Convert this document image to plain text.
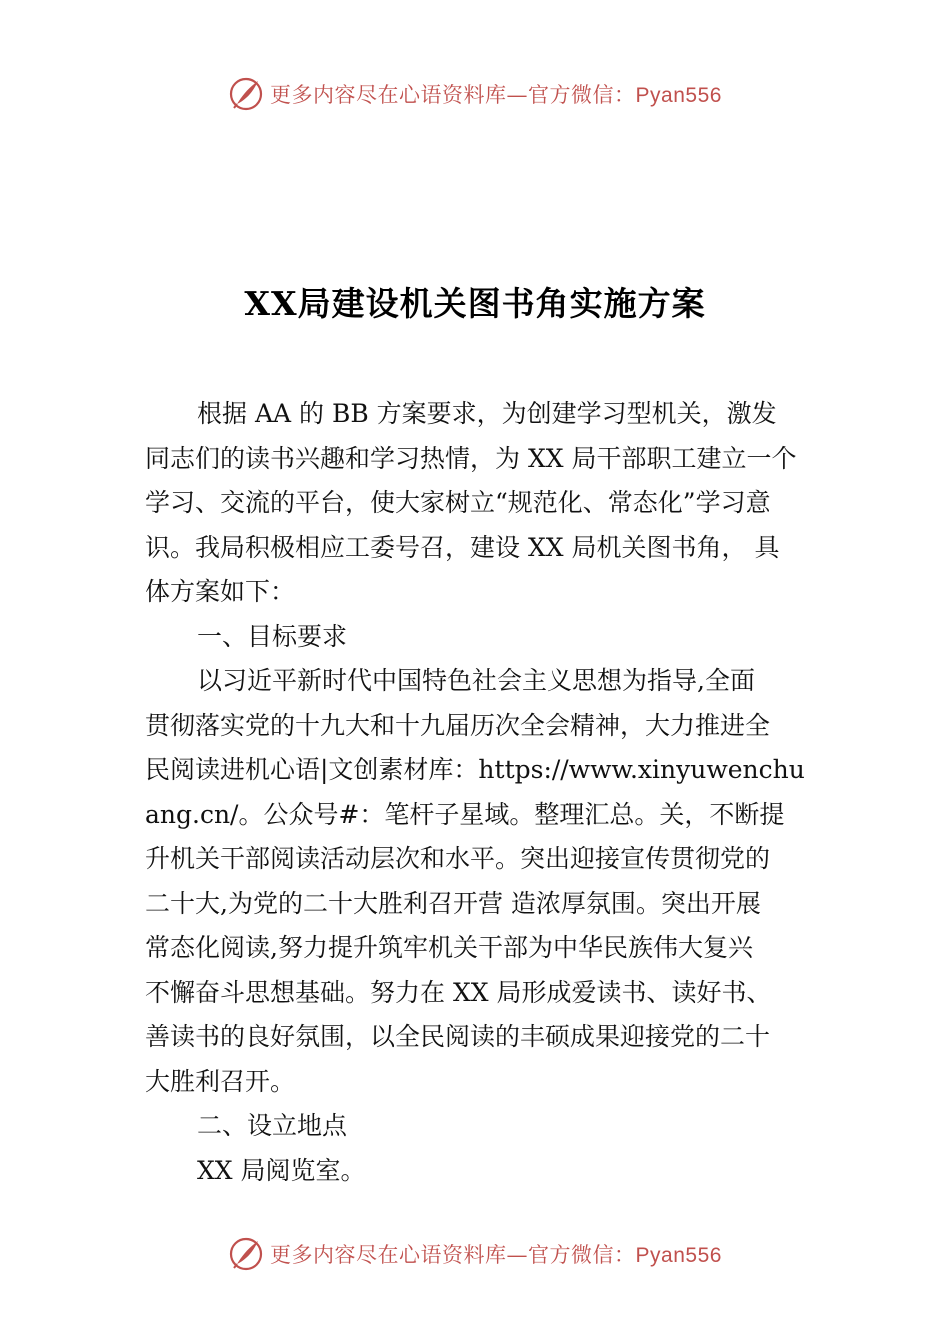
更多内容尽在心语资料库—官方微信：Pyan556
XX局建设机关图书角实施方案
根据 AA 的 BB 方案要求，为创建学习型机关，激发
同志们的读书兴趣和学习热情，为 XX 局干部职工建立一个
学习、交流的平台，使大家树立“规范化、常态化”学习意
识。我局积极相应工委号召，建设 XX 局机关图书角， 具
体方案如下：
一、目标要求
以习近平新时代中国特色社会主义思想为指导,全面
贯彻落实党的十九大和十九届历次全会精神，大力推进全
民阅读进机心语|文创素材库：https://www.xinyuwenchu
ang.cn/。公众号#：笔杆子星域。整理汇总。关，不断提
升机关干部阅读活动层次和水平。突出迎接宣传贯彻党的
二十大,为党的二十大胜利召开营 造浓厚氛围。突出开展
常态化阅读,努力提升筑牢机关干部为中华民族伟大复兴
不懈奋斗思想基础。努力在 XX 局形成爱读书、读好书、
善读书的良好氛围，以全民阅读的丰硕成果迎接党的二十
大胜利召开。
二、设立地点
XX 局阅览室。
更多内容尽在心语资料库—官方微信：Pyan556
